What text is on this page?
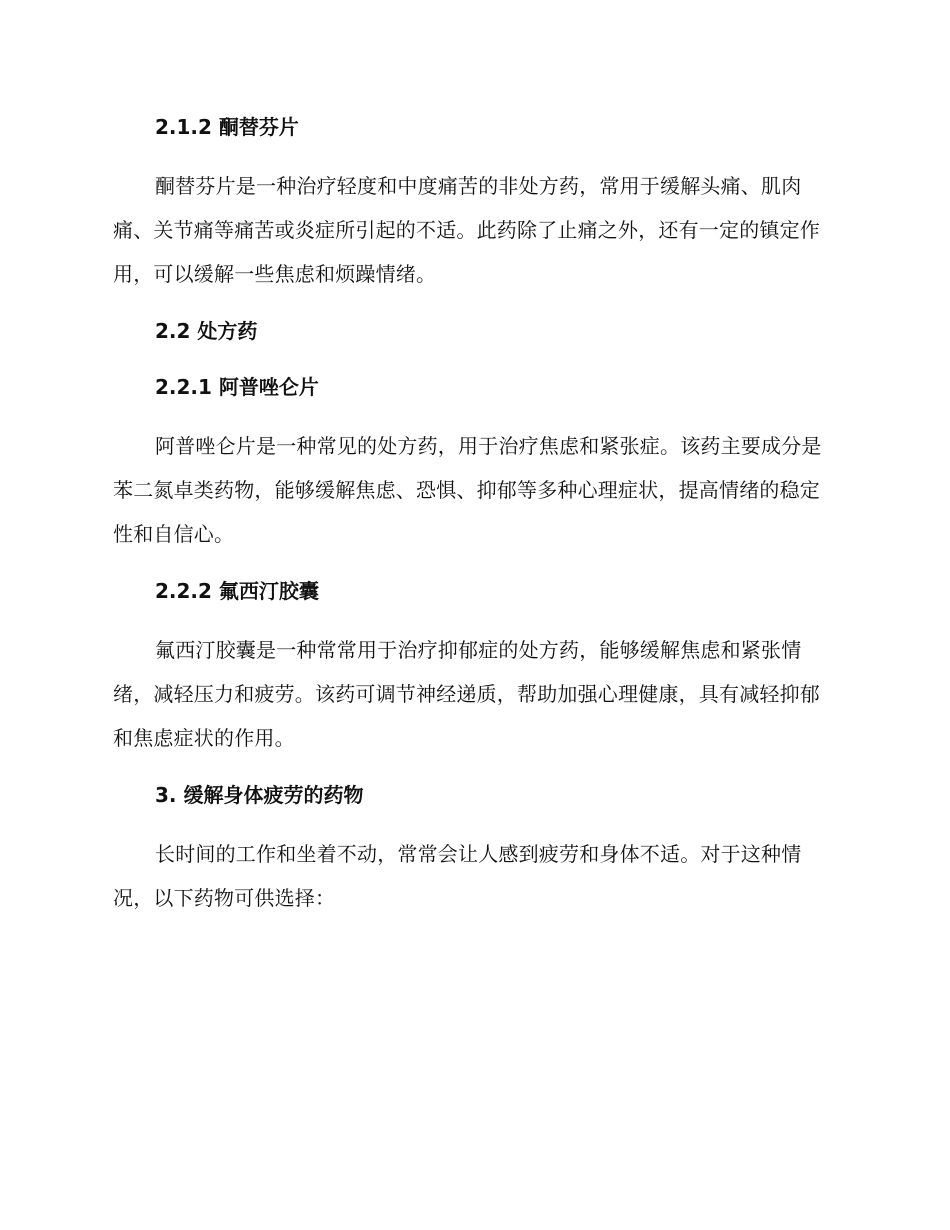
2.1.2 酮替芬片

酮替芬片是一种治疗轻度和中度痛苦的非处方药，常用于缓解头痛、肌肉痛、关节痛等痛苦或炎症所引起的不适。此药除了止痛之外，还有一定的镇定作用，可以缓解一些焦虑和烦躁情绪。

2.2 处方药
2.2.1 阿普唑仑片

阿普唑仑片是一种常见的处方药，用于治疗焦虑和紧张症。该药主要成分是苯二氮卓类药物，能够缓解焦虑、恐惧、抑郁等多种心理症状，提高情绪的稳定性和自信心。

2.2.2 氟西汀胶囊

氟西汀胶囊是一种常常用于治疗抑郁症的处方药，能够缓解焦虑和紧张情绪，减轻压力和疲劳。该药可调节神经递质，帮助加强心理健康，具有减轻抑郁和焦虑症状的作用。

3. 缓解身体疲劳的药物

长时间的工作和坐着不动，常常会让人感到疲劳和身体不适。对于这种情况，以下药物可供选择：
